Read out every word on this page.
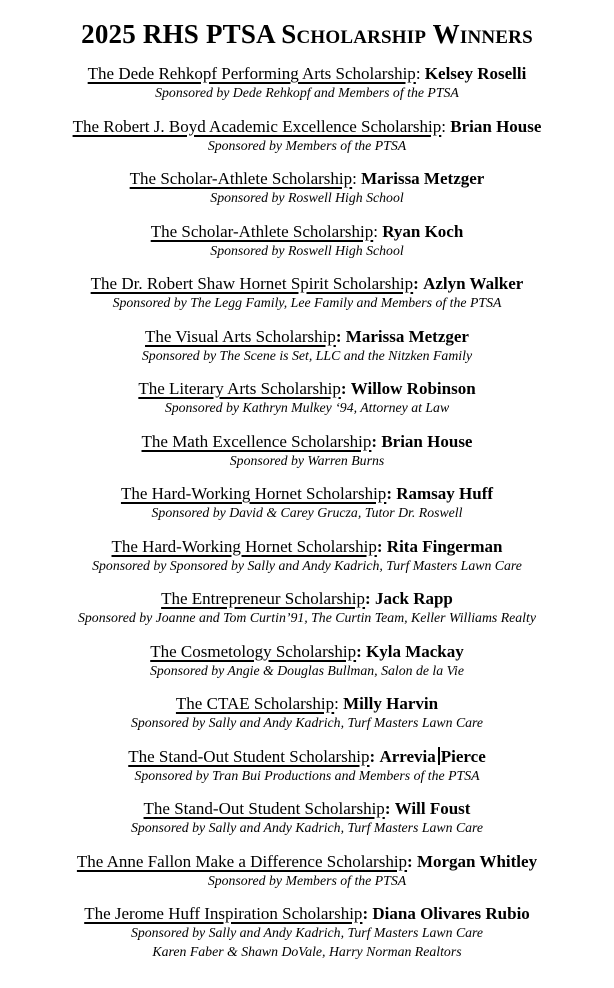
2025 RHS PTSA Scholarship Winners
The Dede Rehkopf Performing Arts Scholarship: Kelsey Roselli
Sponsored by Dede Rehkopf and Members of the PTSA
The Robert J. Boyd Academic Excellence Scholarship: Brian House
Sponsored by Members of the PTSA
The Scholar-Athlete Scholarship: Marissa Metzger
Sponsored by Roswell High School
The Scholar-Athlete Scholarship: Ryan Koch
Sponsored by Roswell High School
The Dr. Robert Shaw Hornet Spirit Scholarship: Azlyn Walker
Sponsored by The Legg Family, Lee Family and Members of the PTSA
The Visual Arts Scholarship: Marissa Metzger
Sponsored by The Scene is Set, LLC and the Nitzken Family
The Literary Arts Scholarship: Willow Robinson
Sponsored by Kathryn Mulkey ‘94, Attorney at Law
The Math Excellence Scholarship: Brian House
Sponsored by Warren Burns
The Hard-Working Hornet Scholarship: Ramsay Huff
Sponsored by David & Carey Grucza, Tutor Dr. Roswell
The Hard-Working Hornet Scholarship: Rita Fingerman
Sponsored by Sponsored by Sally and Andy Kadrich, Turf Masters Lawn Care
The Entrepreneur Scholarship: Jack Rapp
Sponsored by Joanne and Tom Curtin’91, The Curtin Team, Keller Williams Realty
The Cosmetology Scholarship: Kyla Mackay
Sponsored by Angie & Douglas Bullman, Salon de la Vie
The CTAE Scholarship: Milly Harvin
Sponsored by Sally and Andy Kadrich, Turf Masters Lawn Care
The Stand-Out Student Scholarship: Arrevia Pierce
Sponsored by Tran Bui Productions and Members of the PTSA
The Stand-Out Student Scholarship: Will Foust
Sponsored by Sally and Andy Kadrich, Turf Masters Lawn Care
The Anne Fallon Make a Difference Scholarship: Morgan Whitley
Sponsored by Members of the PTSA
The Jerome Huff Inspiration Scholarship: Diana Olivares Rubio
Sponsored by Sally and Andy Kadrich, Turf Masters Lawn Care
Karen Faber & Shawn DoVale, Harry Norman Realtors
